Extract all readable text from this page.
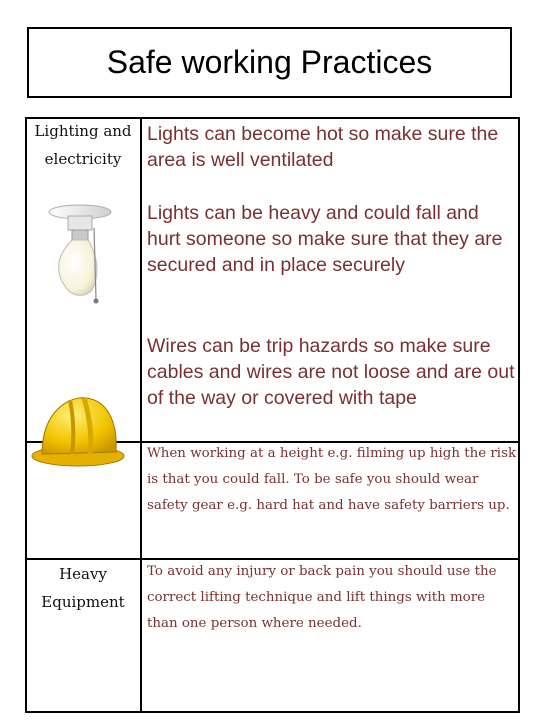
Safe working Practices
Lighting and
electricity
Lights can become hot so make sure the area is well ventilated
Lights can be heavy and could fall and hurt someone so make sure that they are secured and in place securely
Wires can be trip hazards so make sure cables and wires are not loose and are out of the way or covered with tape
When working at a height e.g. filming up high the risk is that you could fall. To be safe you should wear safety gear e.g. hard hat and have safety barriers up.
Heavy
Equipment
To avoid any injury or back pain you should use the correct lifting technique and lift things with more than one person where needed.
